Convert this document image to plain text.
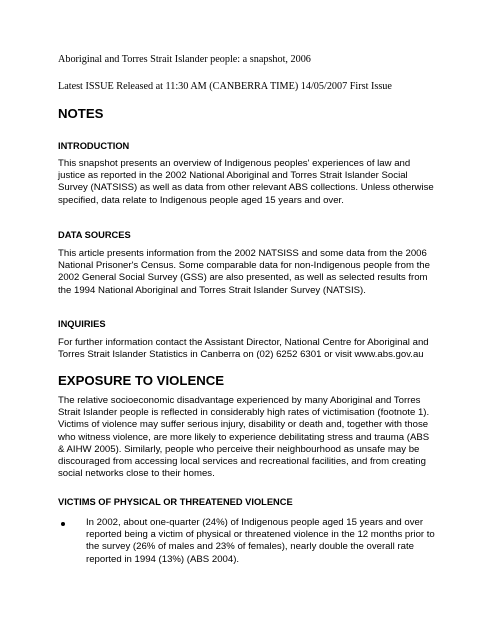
Aboriginal and Torres Strait Islander people: a snapshot, 2006

Latest ISSUE Released at 11:30 AM (CANBERRA TIME) 14/05/2007 First Issue

NOTES
INTRODUCTION

This snapshot presents an overview of Indigenous peoples' experiences of law and justice as reported in the 2002 National Aboriginal and Torres Strait Islander Social Survey (NATSISS) as well as data from other relevant ABS collections. Unless otherwise specified, data relate to Indigenous people aged 15 years and over.

DATA SOURCES

This article presents information from the 2002 NATSISS and some data from the 2006 National Prisoner's Census. Some comparable data for non-Indigenous people from the 2002 General Social Survey (GSS) are also presented, as well as selected results from the 1994 National Aboriginal and Torres Strait Islander Survey (NATSIS).

INQUIRIES

For further information contact the Assistant Director, National Centre for Aboriginal and Torres Strait Islander Statistics in Canberra on (02) 6252 6301 or visit www.abs.gov.au

EXPOSURE TO VIOLENCE

The relative socioeconomic disadvantage experienced by many Aboriginal and Torres Strait Islander people is reflected in considerably high rates of victimisation (footnote 1). Victims of violence may suffer serious injury, disability or death and, together with those who witness violence, are more likely to experience debilitating stress and trauma (ABS & AIHW 2005). Similarly, people who perceive their neighbourhood as unsafe may be discouraged from accessing local services and recreational facilities, and from creating social networks close to their homes.

VICTIMS OF PHYSICAL OR THREATENED VIOLENCE
In 2002, about one-quarter (24%) of Indigenous people aged 15 years and over reported being a victim of physical or threatened violence in the 12 months prior to the survey (26% of males and 23% of females), nearly double the overall rate reported in 1994 (13%) (ABS 2004).
